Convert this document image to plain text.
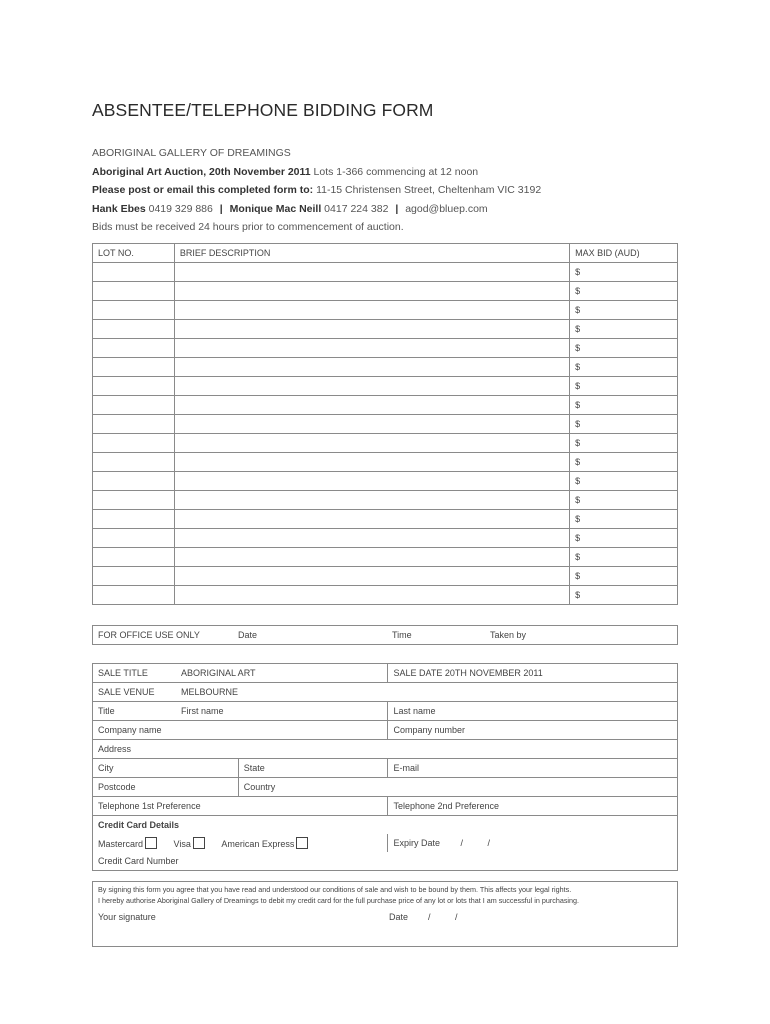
ABSENTEE/TELEPHONE BIDDING FORM
ABORIGINAL GALLERY OF DREAMINGS
Aboriginal Art Auction, 20th November 2011 Lots 1-366 commencing at 12 noon
Please post or email this completed form to: 11-15 Christensen Street, Cheltenham VIC 3192
Hank Ebes 0419 329 886 | Monique Mac Neill 0417 224 382 | agod@bluep.com
Bids must be received 24 hours prior to commencement of auction.
LOT NO.	BRIEF DESCRIPTION	MAX BID (AUD)
		$
		$
		$
		$
		$
		$
		$
		$
		$
		$
		$
		$
		$
		$
		$
		$
		$
		$
FOR OFFICE USE ONLY	Date	Time	Taken by
SALE TITLE ABORIGINAL ART		SALE DATE 20TH NOVEMBER 2011
SALE VENUE MELBOURNE		
Title First name		Last name
Company name		Company number
Address		
City	State	E-mail
Postcode	Country	
Telephone 1st Preference		Telephone 2nd Preference
Credit Card Details		
Mastercard Visa American Express		Expiry Date / /
Credit Card Number		
By signing this form you agree that you have read and understood our conditions of sale and wish to be bound by them. This affects your legal rights.
I hereby authorise Aboriginal Gallery of Dreamings to debit my credit card for the full purchase price of any lot or lots that I am successful in purchasing.

Your signature	Date /	/
